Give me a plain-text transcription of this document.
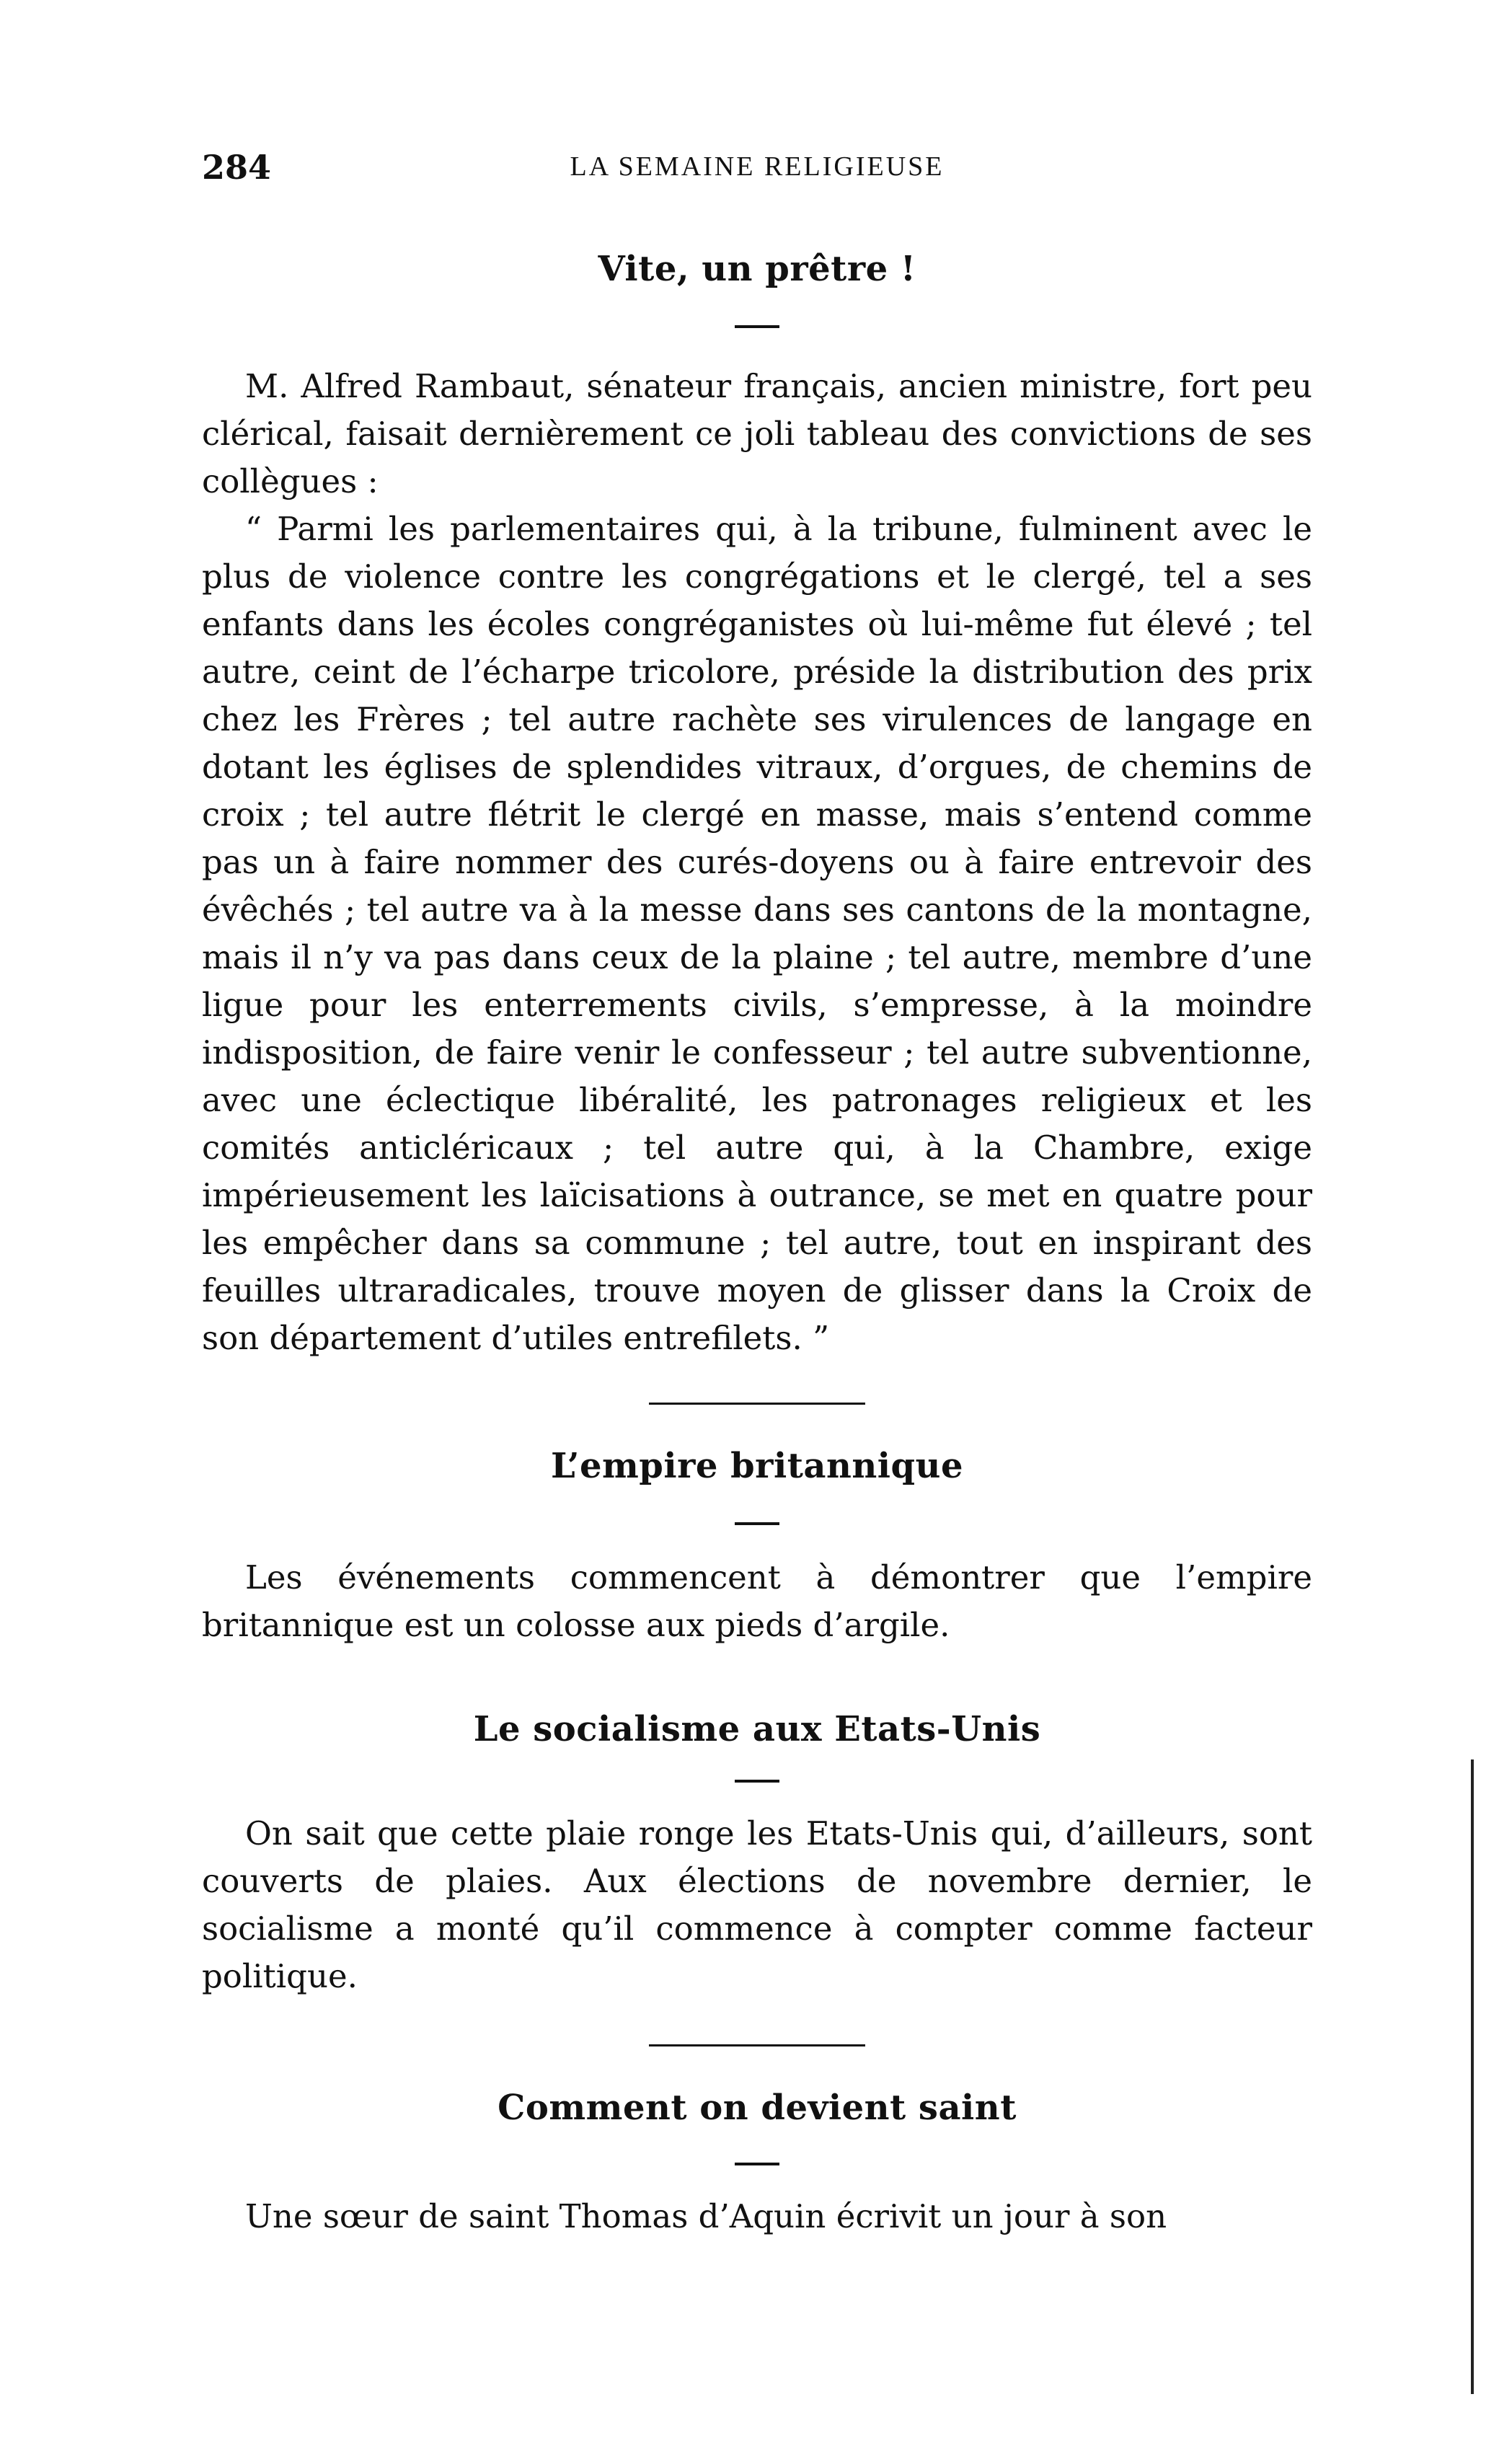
284	LA SEMAINE RELIGIEUSE
Vite, un prêtre !

M. Alfred Rambaut, sénateur français, ancien ministre, fort peu clérical, faisait dernièrement ce joli tableau des convictions de ses collègues :

“ Parmi les parlementaires qui, à la tribune, fulminent avec le plus de violence contre les congrégations et le clergé, tel a ses enfants dans les écoles congréganistes où lui-même fut élevé ; tel autre, ceint de l’écharpe tricolore, préside la distribution des prix chez les Frères ; tel autre rachète ses virulences de langage en dotant les églises de splendides vitraux, d’orgues, de chemins de croix ; tel autre flétrit le clergé en masse, mais s’entend comme pas un à faire nommer des curés-doyens ou à faire entrevoir des évêchés ; tel autre va à la messe dans ses cantons de la montagne, mais il n’y va pas dans ceux de la plaine ; tel autre, membre d’une ligue pour les enterrements civils, s’empresse, à la moindre indisposition, de faire venir le confesseur ; tel autre subventionne, avec une éclectique libéralité, les patronages religieux et les comités anticléricaux ; tel autre qui, à la Chambre, exige impérieusement les laïcisations à outrance, se met en quatre pour les empêcher dans sa commune ; tel autre, tout en inspirant des feuilles ultraradicales, trouve moyen de glisser dans la Croix de son département d’utiles entrefilets. ”

L’empire britannique

Les événements commencent à démontrer que l’empire britannique est un colosse aux pieds d’argile.

Le socialisme aux Etats-Unis

On sait que cette plaie ronge les Etats-Unis qui, d’ailleurs, sont couverts de plaies. Aux élections de novembre dernier, le socialisme a monté qu’il commence à compter comme facteur politique.

Comment on devient saint

Une sœur de saint Thomas d’Aquin écrivit un jour à son
